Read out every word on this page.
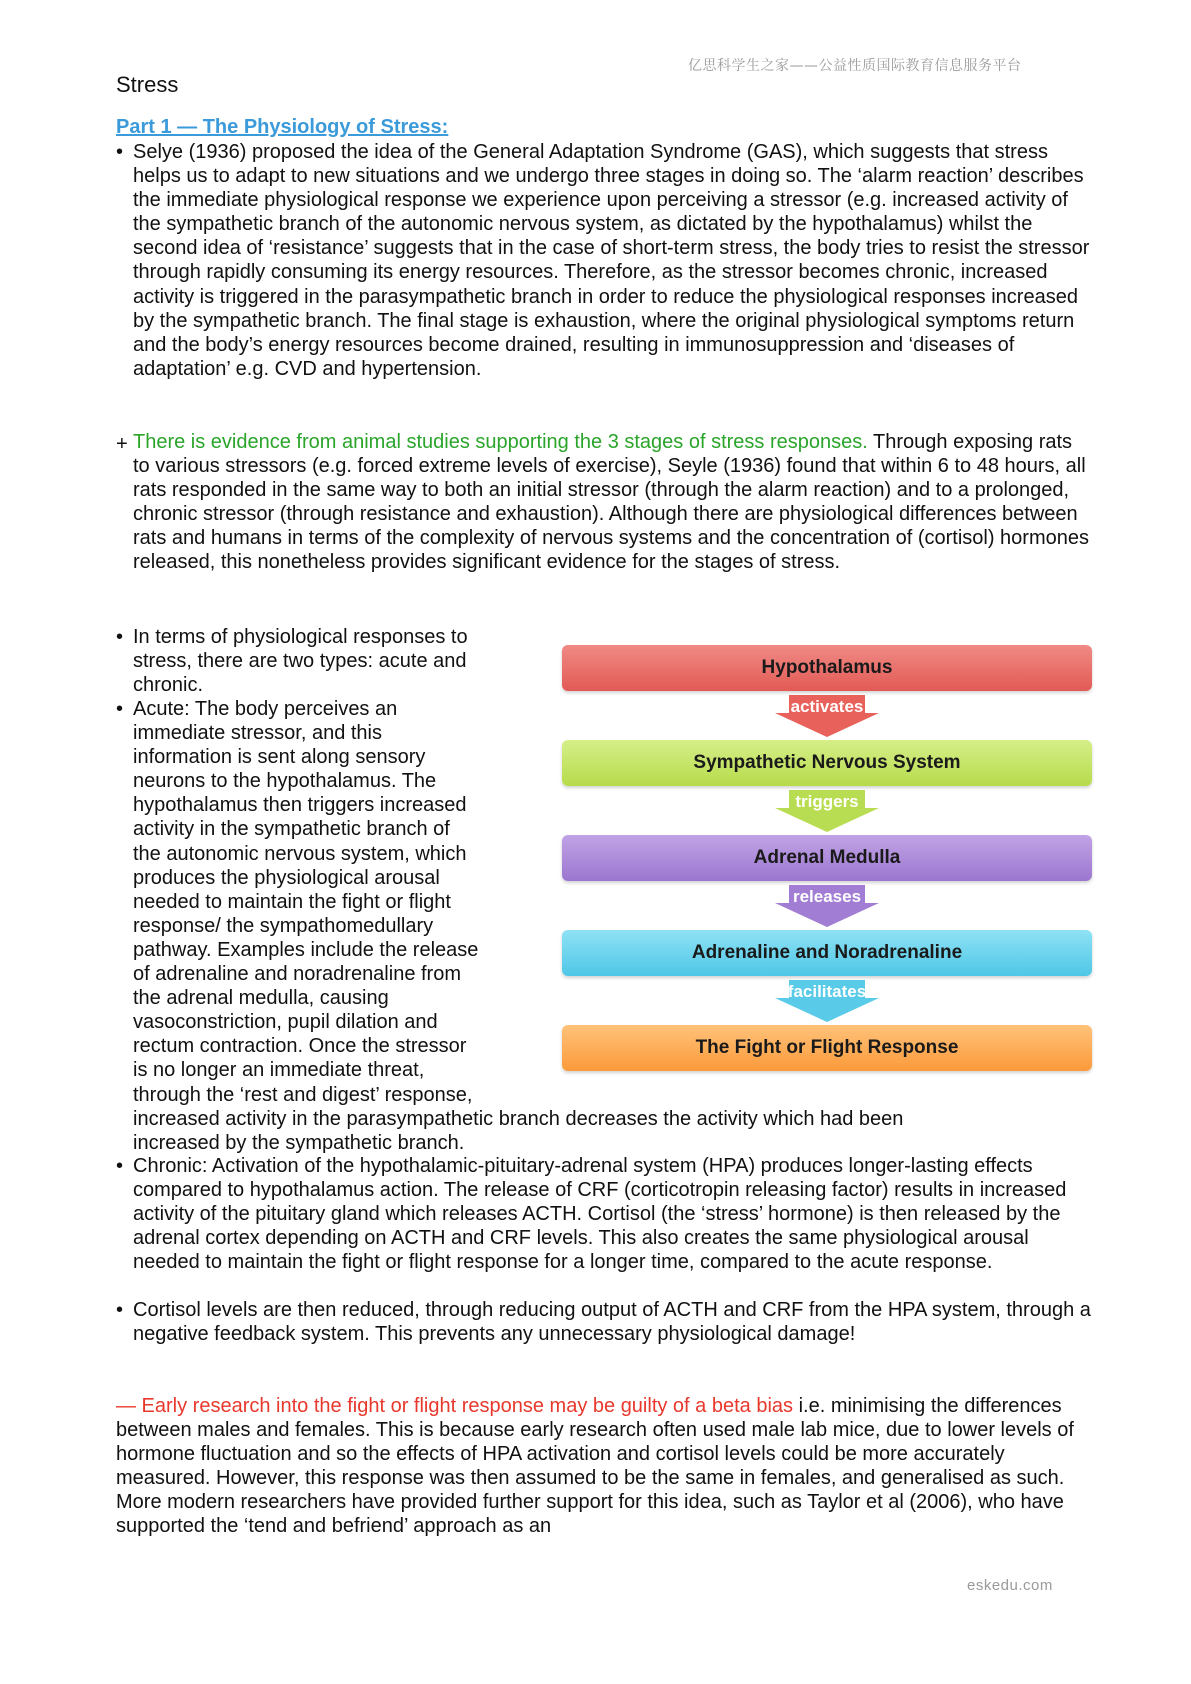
亿思科学生之家——公益性质国际教育信息服务平台
Stress
Part 1 — The Physiology of Stress:
• Selye (1936) proposed the idea of the General Adaptation Syndrome (GAS), which suggests that stress helps us to adapt to new situations and we undergo three stages in doing so. The ‘alarm reaction’ describes the immediate physiological response we experience upon perceiving a stressor (e.g. increased activity of the sympathetic branch of the autonomic nervous system, as dictated by the hypothalamus) whilst the second idea of ‘resistance’ suggests that in the case of short-term stress, the body tries to resist the stressor through rapidly consuming its energy resources. Therefore, as the stressor becomes chronic, increased activity is triggered in the parasympathetic branch in order to reduce the physiological responses increased by the sympathetic branch. The final stage is exhaustion, where the original physiological symptoms return and the body’s energy resources become drained, resulting in immunosuppression and ‘diseases of adaptation’ e.g. CVD and hypertension.

+ There is evidence from animal studies supporting the 3 stages of stress responses. Through exposing rats to various stressors (e.g. forced extreme levels of exercise), Seyle (1936) found that within 6 to 48 hours, all rats responded in the same way to both an initial stressor (through the alarm reaction) and to a prolonged, chronic stressor (through resistance and exhaustion). Although there are physiological differences between rats and humans in terms of the complexity of nervous systems and the concentration of (cortisol) hormones released, this nonetheless provides significant evidence for the stages of stress.

• In terms of physiological responses to
stress, there are two types: acute and
chronic.
• Acute: The body perceives an
immediate stressor, and this
information is sent along sensory
neurons to the hypothalamus. The
hypothalamus then triggers increased
activity in the sympathetic branch of
the autonomic nervous system, which
produces the physiological arousal
needed to maintain the fight or flight
response/ the sympathomedullary
pathway. Examples include the release
of adrenaline and noradrenaline from
the adrenal medulla, causing
vasoconstriction, pupil dilation and
rectum contraction. Once the stressor
is no longer an immediate threat,
through the ‘rest and digest’ response,
increased activity in the parasympathetic branch decreases the activity which had been
increased by the sympathetic branch.
• Chronic: Activation of the hypothalamic-pituitary-adrenal system (HPA) produces longer-lasting effects compared to hypothalamus action. The release of CRF (corticotropin releasing factor) results in increased activity of the pituitary gland which releases ACTH. Cortisol (the ‘stress’ hormone) is then released by the adrenal cortex depending on ACTH and CRF levels. This also creates the same physiological arousal needed to maintain the fight or flight response for a longer time, compared to the acute response.

• Cortisol levels are then reduced, through reducing output of ACTH and CRF from the HPA system, through a negative feedback system. This prevents any unnecessary physiological damage!

— Early research into the fight or flight response may be guilty of a beta bias i.e. minimising the differences between males and females. This is because early research often used male lab mice, due to lower levels of hormone fluctuation and so the effects of HPA activation and cortisol levels could be more accurately measured. However, this response was then assumed to be the same in females, and generalised as such. More modern researchers have provided further support for this idea, such as Taylor et al (2006), who have supported the ‘tend and befriend’ approach as an

Hypothalamus
activates
Sympathetic Nervous System
triggers
Adrenal Medulla
releases
Adrenaline and Noradrenaline
facilitates
The Fight or Flight Response
eskedu.com
